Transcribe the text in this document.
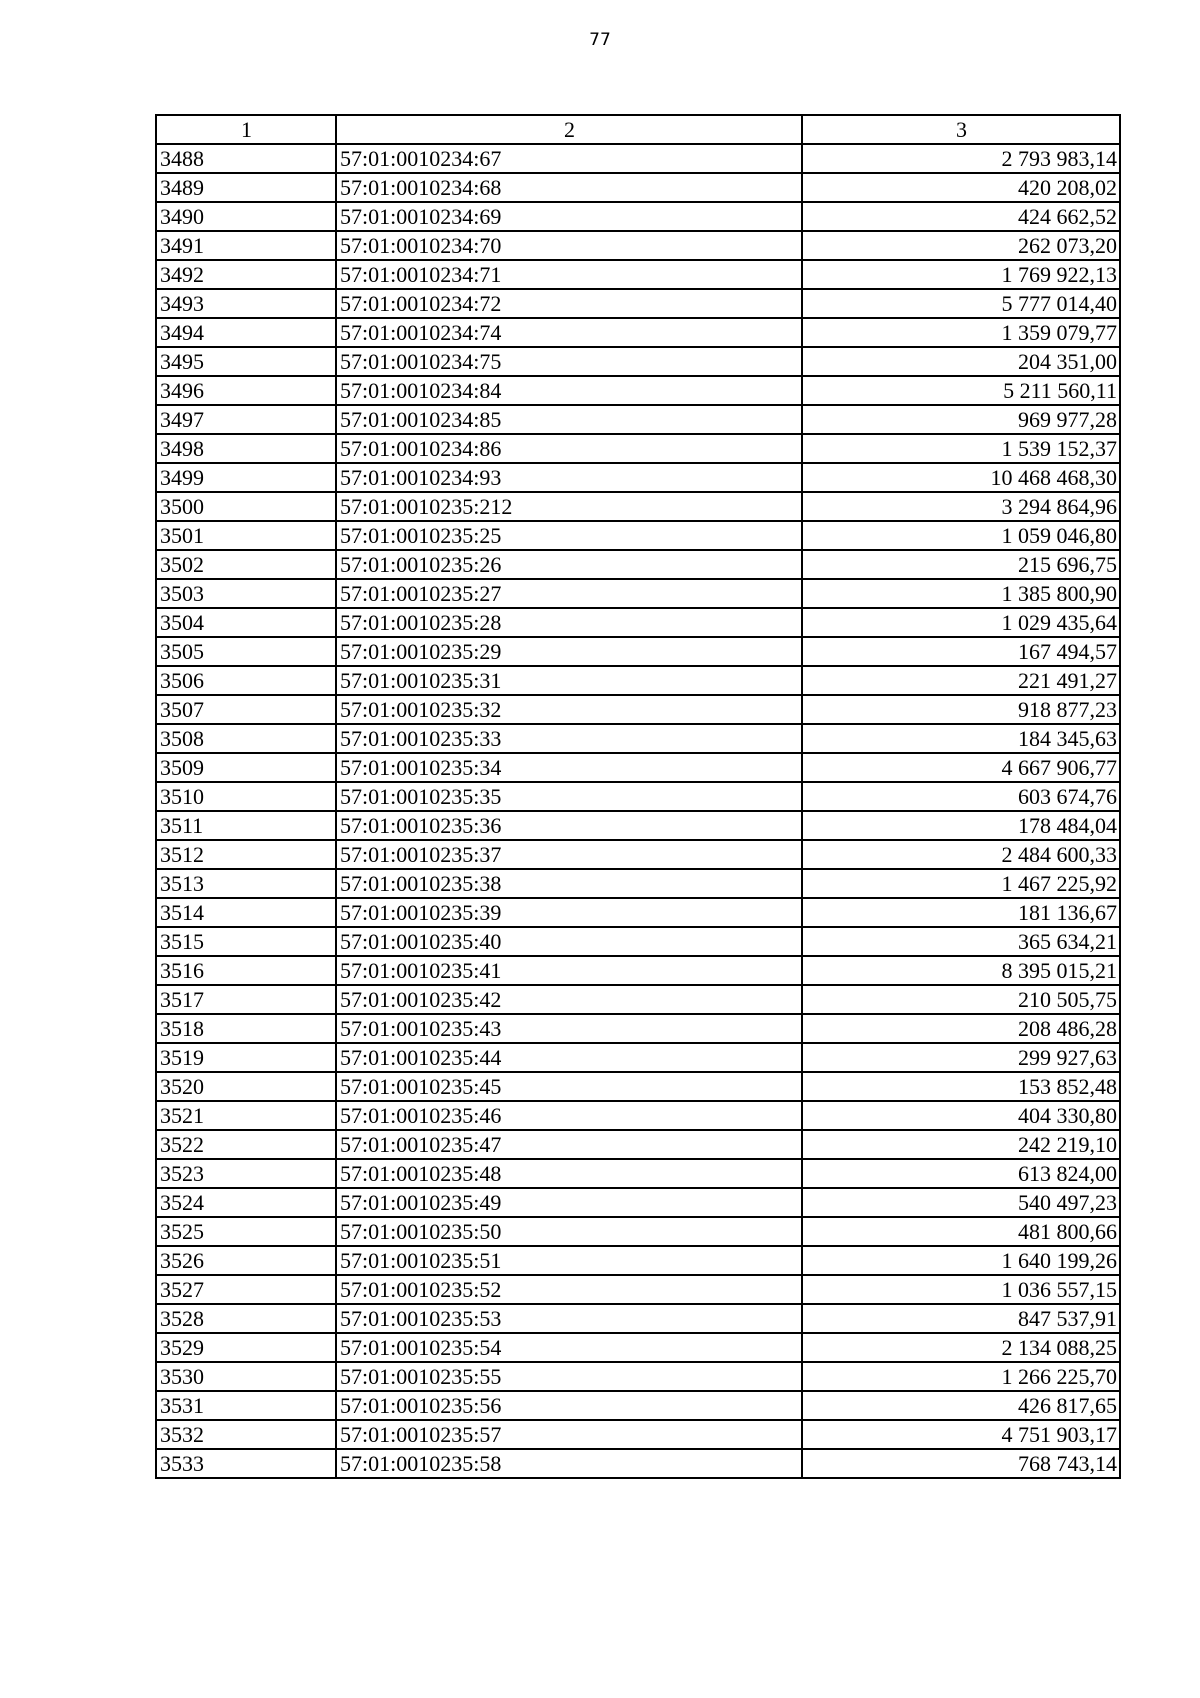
77
1	2	3
3488	57:01:0010234:67	2 793 983,14
3489	57:01:0010234:68	420 208,02
3490	57:01:0010234:69	424 662,52
3491	57:01:0010234:70	262 073,20
3492	57:01:0010234:71	1 769 922,13
3493	57:01:0010234:72	5 777 014,40
3494	57:01:0010234:74	1 359 079,77
3495	57:01:0010234:75	204 351,00
3496	57:01:0010234:84	5 211 560,11
3497	57:01:0010234:85	969 977,28
3498	57:01:0010234:86	1 539 152,37
3499	57:01:0010234:93	10 468 468,30
3500	57:01:0010235:212	3 294 864,96
3501	57:01:0010235:25	1 059 046,80
3502	57:01:0010235:26	215 696,75
3503	57:01:0010235:27	1 385 800,90
3504	57:01:0010235:28	1 029 435,64
3505	57:01:0010235:29	167 494,57
3506	57:01:0010235:31	221 491,27
3507	57:01:0010235:32	918 877,23
3508	57:01:0010235:33	184 345,63
3509	57:01:0010235:34	4 667 906,77
3510	57:01:0010235:35	603 674,76
3511	57:01:0010235:36	178 484,04
3512	57:01:0010235:37	2 484 600,33
3513	57:01:0010235:38	1 467 225,92
3514	57:01:0010235:39	181 136,67
3515	57:01:0010235:40	365 634,21
3516	57:01:0010235:41	8 395 015,21
3517	57:01:0010235:42	210 505,75
3518	57:01:0010235:43	208 486,28
3519	57:01:0010235:44	299 927,63
3520	57:01:0010235:45	153 852,48
3521	57:01:0010235:46	404 330,80
3522	57:01:0010235:47	242 219,10
3523	57:01:0010235:48	613 824,00
3524	57:01:0010235:49	540 497,23
3525	57:01:0010235:50	481 800,66
3526	57:01:0010235:51	1 640 199,26
3527	57:01:0010235:52	1 036 557,15
3528	57:01:0010235:53	847 537,91
3529	57:01:0010235:54	2 134 088,25
3530	57:01:0010235:55	1 266 225,70
3531	57:01:0010235:56	426 817,65
3532	57:01:0010235:57	4 751 903,17
3533	57:01:0010235:58	768 743,14
